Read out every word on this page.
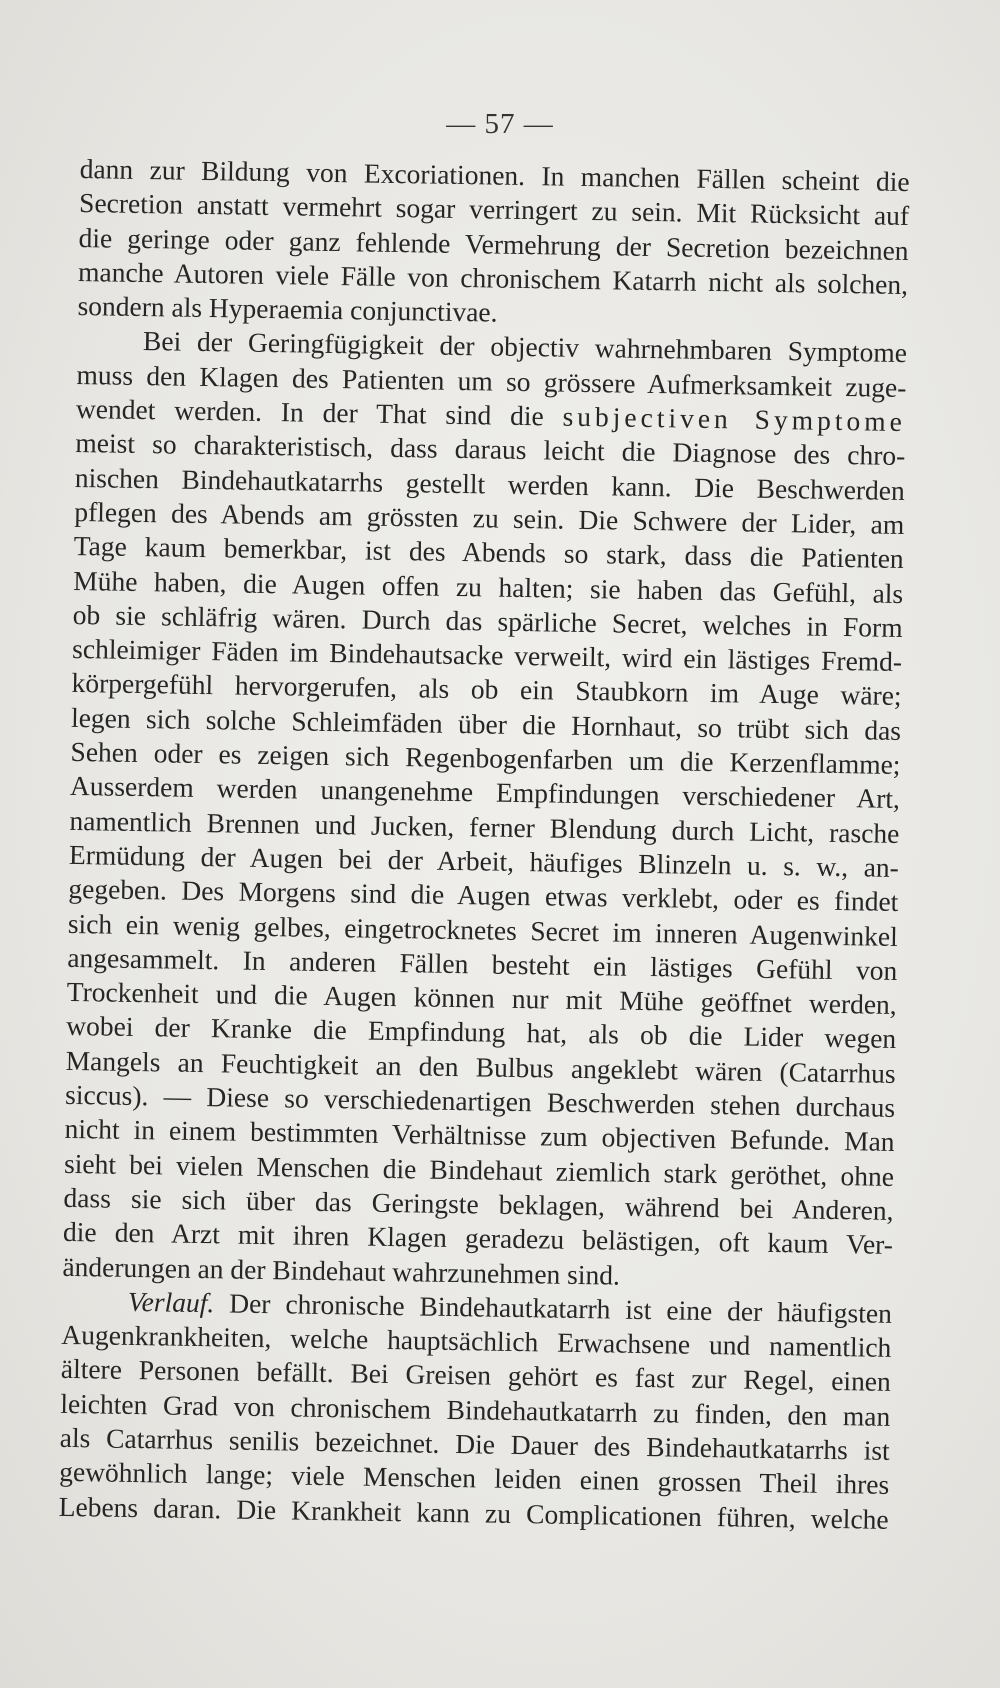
— 57 —
dann zur Bildung von Excoriationen. In manchen Fällen scheint die
Secretion anstatt vermehrt sogar verringert zu sein. Mit Rücksicht auf
die geringe oder ganz fehlende Vermehrung der Secretion bezeichnen
manche Autoren viele Fälle von chronischem Katarrh nicht als solchen,
sondern als Hyperaemia conjunctivae.
Bei der Geringfügigkeit der objectiv wahrnehmbaren Symptome
muss den Klagen des Patienten um so grössere Aufmerksamkeit zuge-
wendet werden. In der That sind die subjectiven Symptome
meist so charakteristisch, dass daraus leicht die Diagnose des chro-
nischen Bindehautkatarrhs gestellt werden kann. Die Beschwerden
pflegen des Abends am grössten zu sein. Die Schwere der Lider, am
Tage kaum bemerkbar, ist des Abends so stark, dass die Patienten
Mühe haben, die Augen offen zu halten; sie haben das Gefühl, als
ob sie schläfrig wären. Durch das spärliche Secret, welches in Form
schleimiger Fäden im Bindehautsacke verweilt, wird ein lästiges Fremd-
körpergefühl hervorgerufen, als ob ein Staubkorn im Auge wäre;
legen sich solche Schleimfäden über die Hornhaut, so trübt sich das
Sehen oder es zeigen sich Regenbogenfarben um die Kerzenflamme;
Ausserdem werden unangenehme Empfindungen verschiedener Art,
namentlich Brennen und Jucken, ferner Blendung durch Licht, rasche
Ermüdung der Augen bei der Arbeit, häufiges Blinzeln u. s. w., an-
gegeben. Des Morgens sind die Augen etwas verklebt, oder es findet
sich ein wenig gelbes, eingetrocknetes Secret im inneren Augenwinkel
angesammelt. In anderen Fällen besteht ein lästiges Gefühl von
Trockenheit und die Augen können nur mit Mühe geöffnet werden,
wobei der Kranke die Empfindung hat, als ob die Lider wegen
Mangels an Feuchtigkeit an den Bulbus angeklebt wären (Catarrhus
siccus). — Diese so verschiedenartigen Beschwerden stehen durchaus
nicht in einem bestimmten Verhältnisse zum objectiven Befunde. Man
sieht bei vielen Menschen die Bindehaut ziemlich stark geröthet, ohne
dass sie sich über das Geringste beklagen, während bei Anderen,
die den Arzt mit ihren Klagen geradezu belästigen, oft kaum Ver-
änderungen an der Bindehaut wahrzunehmen sind.
Verlauf. Der chronische Bindehautkatarrh ist eine der häufigsten
Augenkrankheiten, welche hauptsächlich Erwachsene und namentlich
ältere Personen befällt. Bei Greisen gehört es fast zur Regel, einen
leichten Grad von chronischem Bindehautkatarrh zu finden, den man
als Catarrhus senilis bezeichnet. Die Dauer des Bindehautkatarrhs ist
gewöhnlich lange; viele Menschen leiden einen grossen Theil ihres
Lebens daran. Die Krankheit kann zu Complicationen führen, welche
